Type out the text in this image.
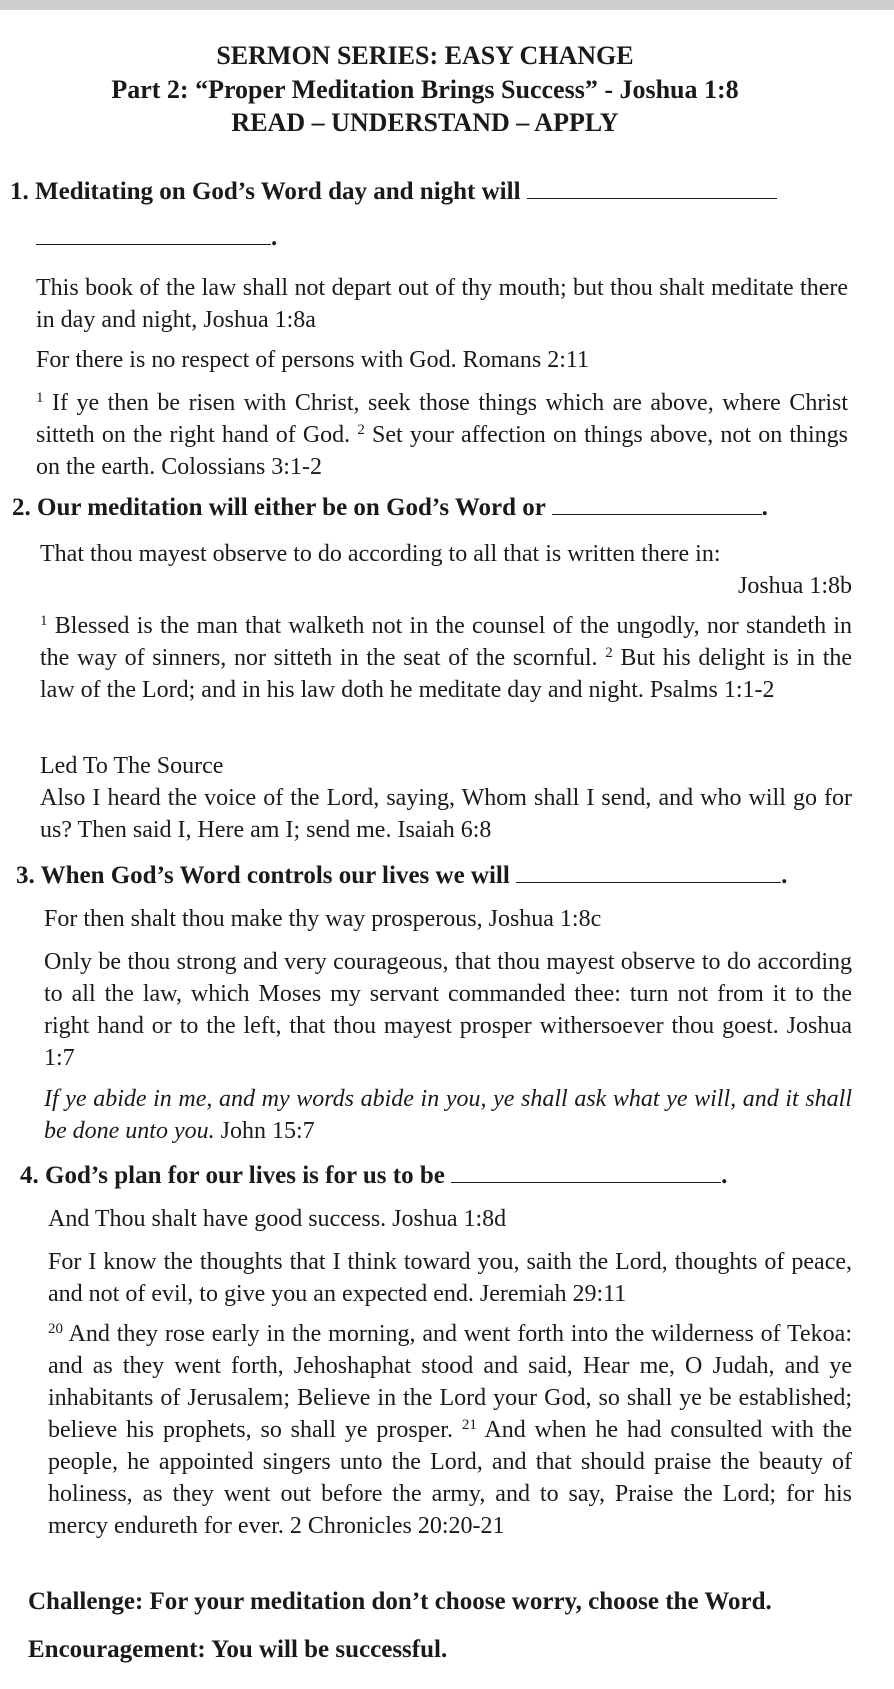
SERMON SERIES: EASY CHANGE
Part 2: “Proper Meditation Brings Success” - Joshua 1:8
READ – UNDERSTAND – APPLY
1. Meditating on God’s Word day and night will
.
This book of the law shall not depart out of thy mouth; but thou shalt meditate there in day and night, Joshua 1:8a
For there is no respect of persons with God. Romans 2:11
$^1$ If ye then be risen with Christ, seek those things which are above, where Christ sitteth on the right hand of God. $^2$ Set your affection on things above, not on things on the earth. Colossians 3:1-2
2. Our meditation will either be on God’s Word or	.
That thou mayest observe to do according to all that is written there in:
Joshua 1:8b
$^1$ Blessed is the man that walketh not in the counsel of the ungodly, nor standeth in the way of sinners, nor sitteth in the seat of the scornful. $^2$ But his delight is in the law of the Lord; and in his law doth he meditate day and night. Psalms 1:1-2
Led To The Source
Also I heard the voice of the Lord, saying, Whom shall I send, and who will go for us? Then said I, Here am I; send me. Isaiah 6:8
3. When God’s Word controls our lives we will	.
For then shalt thou make thy way prosperous, Joshua 1:8c
Only be thou strong and very courageous, that thou mayest observe to do according to all the law, which Moses my servant commanded thee: turn not from it to the right hand or to the left, that thou mayest prosper withersoever thou goest. Joshua 1:7
If ye abide in me, and my words abide in you, ye shall ask what ye will, and it shall be done unto you. John 15:7
4. God’s plan for our lives is for us to be	.
And Thou shalt have good success. Joshua 1:8d
For I know the thoughts that I think toward you, saith the Lord, thoughts of peace, and not of evil, to give you an expected end. Jeremiah 29:11
$^{20}$ And they rose early in the morning, and went forth into the wilderness of Tekoa: and as they went forth, Jehoshaphat stood and said, Hear me, O Judah, and ye inhabitants of Jerusalem; Believe in the Lord your God, so shall ye be established; believe his prophets, so shall ye prosper. $^{21}$ And when he had consulted with the people, he appointed singers unto the Lord, and that should praise the beauty of holiness, as they went out before the army, and to say, Praise the Lord; for his mercy endureth for ever. 2 Chronicles 20:20-21
Challenge: For your meditation don’t choose worry, choose the Word.
Encouragement: You will be successful.
